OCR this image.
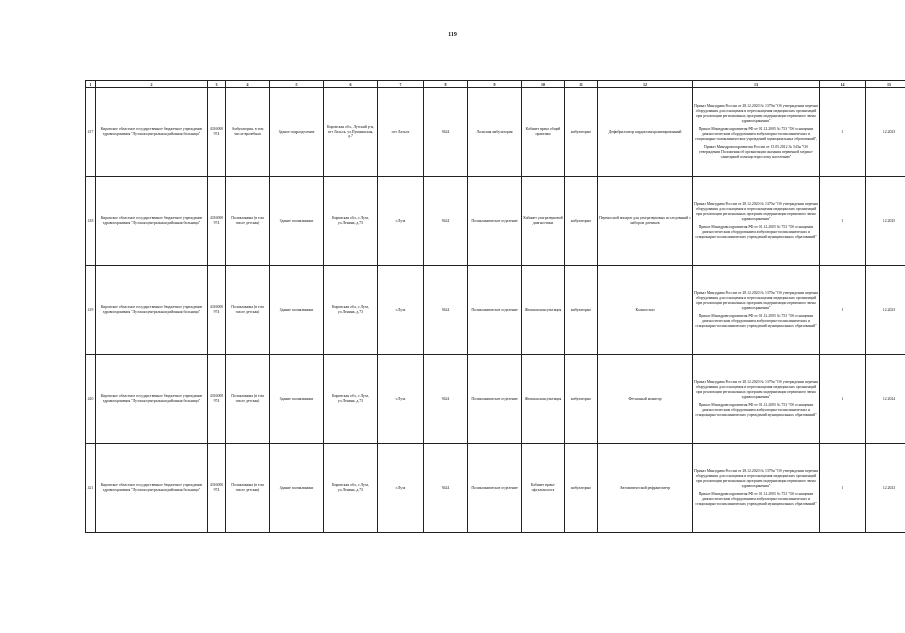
119
1	2	3	4	5	6	7	8	9	10	11	12	13	14	15
417	Кировское областное государственное бюджетное учреждение здравоохранения "Лузская центральная районная больница"	4316000974	Амбулатория, в том числе врачебная	Зданое подразделение	Кировская обл., Лузский р-н, пгт Лальск, ул.Пушкинская, д.7	пгт Лальск	9424	Лальская амбулатория	Кабинет врача общей практики	амбулаторно	Дефибриллятор кардиосинхронизированный	Приказ Минздрава России от 28.12.2020 № 1379н "Об утверждении перечня оборудования для оснащения и переоснащения медицинских организаций при реализации региональных программ модернизации первичного звена здравоохранения"

Приказ Минздравсоцразвития РФ от 01.12.2005 № 753 "Об оснащении диагностическим оборудованием амбулаторно-поликлинических и стационарно-поликлинических учреждений муниципальных образований",

Приказ Минздравсоцразвития России от 15.05.2012 № 543н "Об утверждении Положения об организации оказания первичной медико-санитарной помощи взрослому населению"	1	12.2023
418	Кировское областное государственное бюджетное учреждение здравоохранения "Лузская центральная районная больница"	4316000974	Поликлиника (в том числе детская)	Здание поликлиники	Кировская обл., г.Луза, ул.Ленина, д.73	г.Луза	9424	Поликлиническое отделение	Кабинет ультразвуковой диагностики	амбулаторно	Переносной аппарат для ультразвуковых исследований с набором датчиков	Приказ Минздрава России от 28.12.2020 № 1379н "Об утверждении перечня оборудования для оснащения и переоснащения медицинских организаций при реализации региональных программ модернизации первичного звена здравоохранения"

Приказ Минздравсоцразвития РФ от 01.12.2005 № 753 "Об оснащении диагностическим оборудованием амбулаторно-поликлинических и стационарно-поликлинических учреждений муниципальных образований"	1	12.2025
419	Кировское областное государственное бюджетное учреждение здравоохранения "Лузская центральная районная больница"	4316000974	Поликлиника (в том числе детская)	Здание поликлиники	Кировская обл., г.Луза, ул.Ленина, д.73	г.Луза	9424	Поликлиническое отделение	Женская консультация	амбулаторно	Кольпоскоп	Приказ Минздрава России от 28.12.2020 № 1379н "Об утверждении перечня оборудования для оснащения и переоснащения медицинских организаций при реализации региональных программ модернизации первичного звена здравоохранения"

Приказ Минздравсоцразвития РФ от 01.12.2005 № 753 "Об оснащении диагностическим оборудованием амбулаторно-поликлинических и стационарно-поликлинических учреждений муниципальных образований"	1	12.2023
420	Кировское областное государственное бюджетное учреждение здравоохранения "Лузская центральная районная больница"	4316000974	Поликлиника (в том числе детская)	Здание поликлиники	Кировская обл., г.Луза, ул.Ленина, д.73	г.Луза	9424	Поликлиническое отделение	Женская консультация	амбулаторно	Фетальный монитор	Приказ Минздрава России от 28.12.2020 № 1379н "Об утверждении перечня оборудования для оснащения и переоснащения медицинских организаций при реализации региональных программ модернизации первичного звена здравоохранения"

Приказ Минздравсоцразвития РФ от 01.12.2005 № 753 "Об оснащении диагностическим оборудованием амбулаторно-поликлинических и стационарно-поликлинических учреждений муниципальных образований"	1	12.2024
421	Кировское областное государственное бюджетное учреждение здравоохранения "Лузская центральная районная больница"	4316000974	Поликлиника (в том числе детская)	Здание поликлиники	Кировская обл., г.Луза, ул.Ленина, д.73	г.Луза	9424	Поликлиническое отделение	Кабинет врача-офтальмолога	амбулаторно	Автоматический рефрактометр	Приказ Минздрава России от 28.12.2020 № 1379н "Об утверждении перечня оборудования для оснащения и переоснащения медицинских организаций при реализации региональных программ модернизации первичного звена здравоохранения"

Приказ Минздравсоцразвития РФ от 01.12.2005 № 753 "Об оснащении диагностическим оборудованием амбулаторно-поликлинических и стационарно-поликлинических учреждений муниципальных образований"	1	12.2023
